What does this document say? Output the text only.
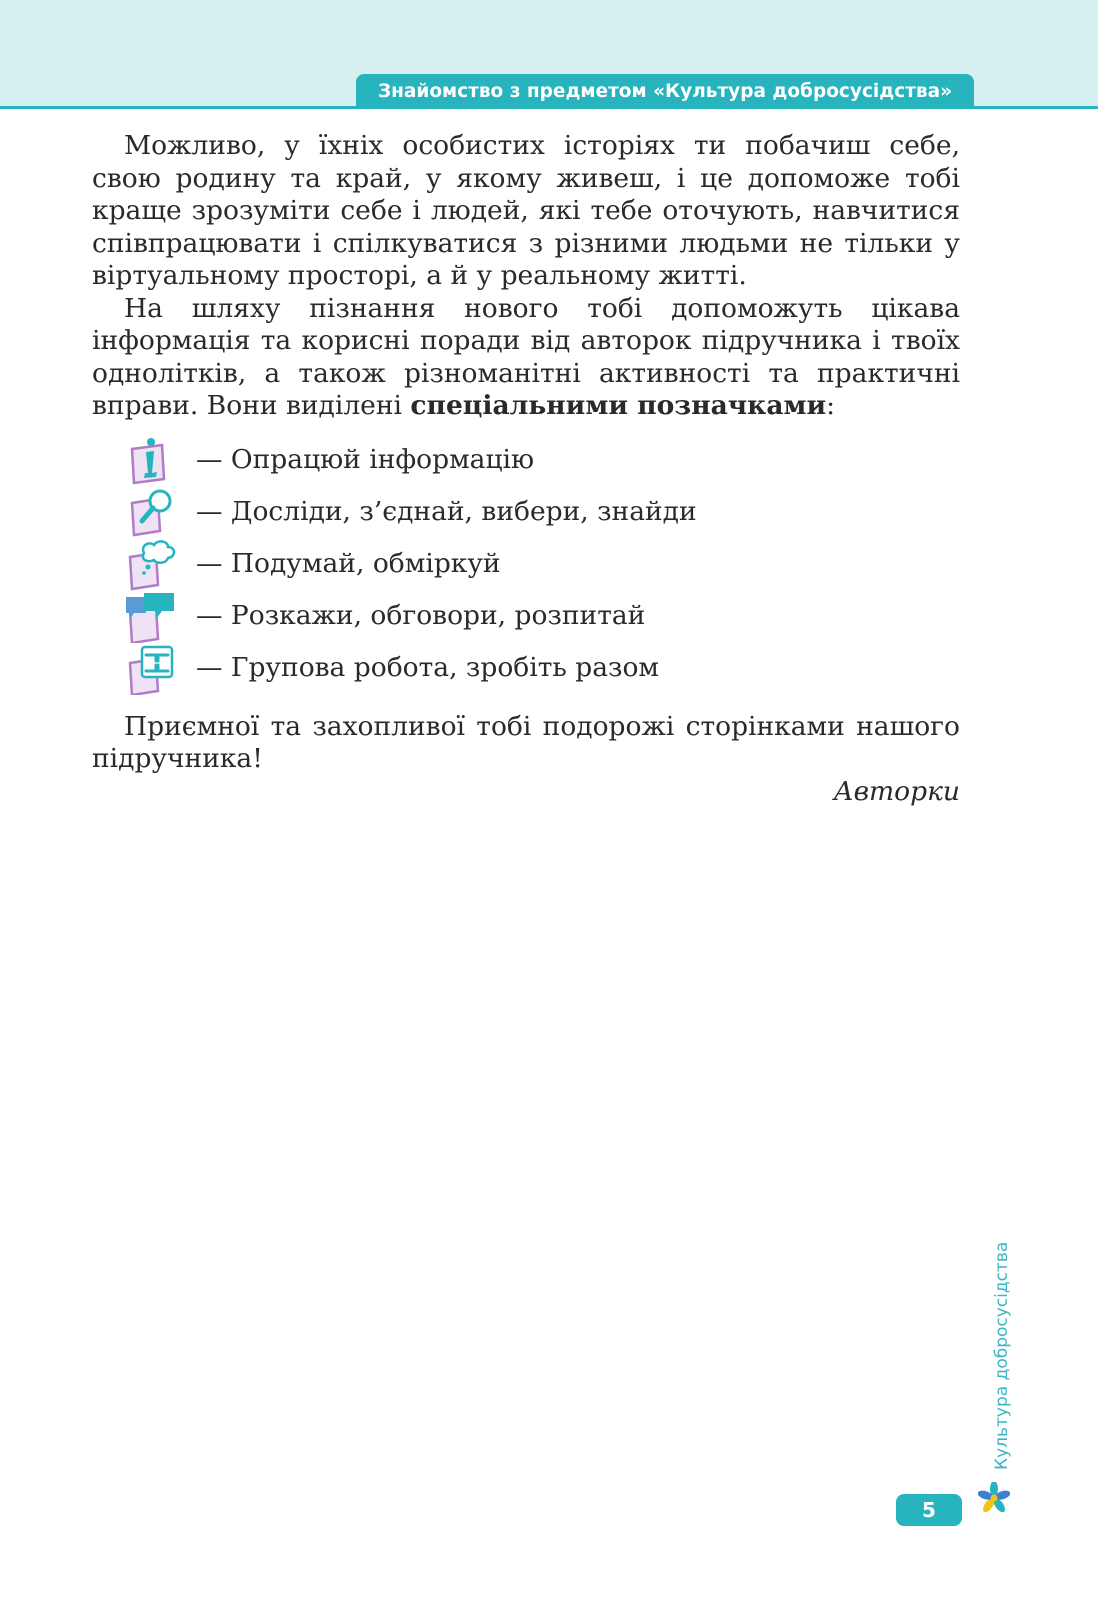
Знайомство з предметом «Культура добросусідства»

Можливо, у їхніх особистих історіях ти побачиш себе, свою родину та край, у якому живеш, і це допоможе тобі краще зрозуміти себе і людей, які тебе оточують, навчитися співпрацювати і спілкуватися з різними людьми не тільки у віртуальному просторі, а й у реальному житті.

На шляху пізнання нового тобі допоможуть цікава інформація та корисні поради від авторок підручника і твоїх однолітків, а також різноманітні активності та практичні вправи. Вони виділені спеціальними позначками:

— Опрацюй інформацію
— Досліди, з’єднай, вибери, знайди
— Подумай, обміркуй
— Розкажи, обговори, розпитай
— Групова робота, зробіть разом

Приємної та захопливої тобі подорожі сторінками нашого підручника!

Авторки

Культура добросусідства
5
